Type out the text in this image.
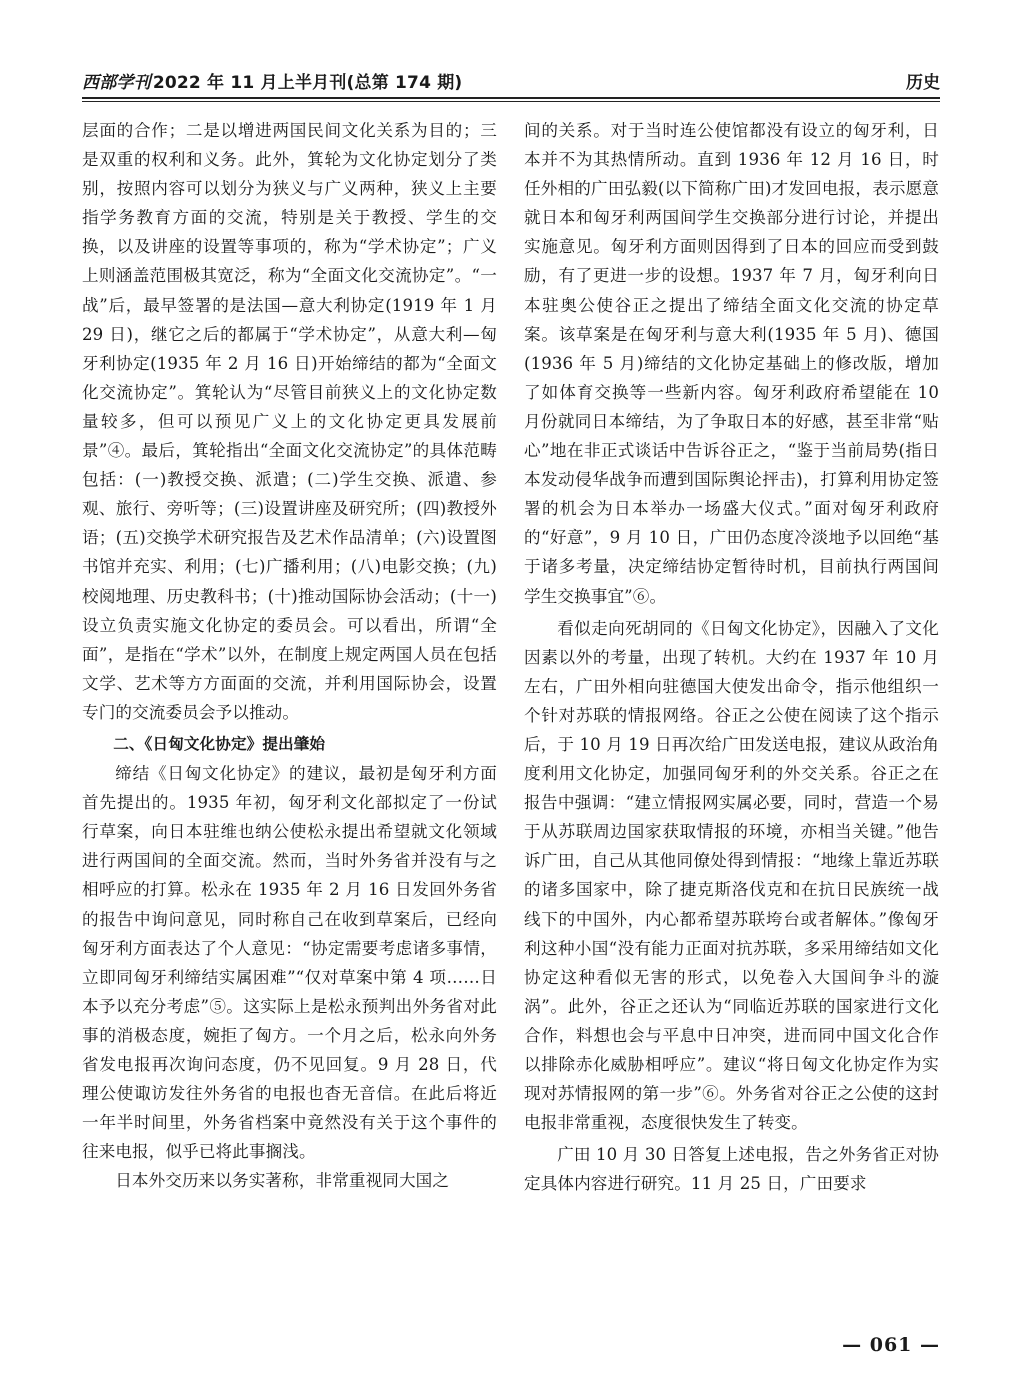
西部学刊 2022 年 11 月上半月刊(总第 174 期)	历史

层面的合作；二是以增进两国民间文化关系为目的；三是双重的权利和义务。此外，箕轮为文化协定划分了类别，按照内容可以划分为狭义与广义两种，狭义上主要指学务教育方面的交流，特别是关于教授、学生的交换，以及讲座的设置等事项的，称为“学术协定”；广义上则涵盖范围极其宽泛，称为“全面文化交流协定”。“一战”后，最早签署的是法国—意大利协定(1919 年 1 月 29 日)，继它之后的都属于“学术协定”，从意大利—匈牙利协定(1935 年 2 月 16 日)开始缔结的都为“全面文化交流协定”。箕轮认为“尽管目前狭义上的文化协定数量较多，但可以预见广义上的文化协定更具发展前景”④。最后，箕轮指出“全面文化交流协定”的具体范畴包括：(一)教授交换、派遣；(二)学生交换、派遣、参观、旅行、旁听等；(三)设置讲座及研究所；(四)教授外语；(五)交换学术研究报告及艺术作品清单；(六)设置图书馆并充实、利用；(七)广播利用；(八)电影交换；(九)校阅地理、历史教科书；(十)推动国际协会活动；(十一)设立负责实施文化协定的委员会。可以看出，所谓“全面”，是指在“学术”以外，在制度上规定两国人员在包括文学、艺术等方方面面的交流，并利用国际协会，设置专门的交流委员会予以推动。

二、《日匈文化协定》提出肇始

缔结《日匈文化协定》的建议，最初是匈牙利方面首先提出的。1935 年初，匈牙利文化部拟定了一份试行草案，向日本驻维也纳公使松永提出希望就文化领域进行两国间的全面交流。然而，当时外务省并没有与之相呼应的打算。松永在 1935 年 2 月 16 日发回外务省的报告中询问意见，同时称自己在收到草案后，已经向匈牙利方面表达了个人意见：“协定需要考虑诸多事情，立即同匈牙利缔结实属困难”“仅对草案中第 4 项……日本予以充分考虑”⑤。这实际上是松永预判出外务省对此事的消极态度，婉拒了匈方。一个月之后，松永向外务省发电报再次询问态度，仍不见回复。9 月 28 日，代理公使诹访发往外务省的电报也杳无音信。在此后将近一年半时间里，外务省档案中竟然没有关于这个事件的往来电报，似乎已将此事搁浅。

日本外交历来以务实著称，非常重视同大国之

间的关系。对于当时连公使馆都没有设立的匈牙利，日本并不为其热情所动。直到 1936 年 12 月 16 日，时任外相的广田弘毅(以下简称广田)才发回电报，表示愿意就日本和匈牙利两国间学生交换部分进行讨论，并提出实施意见。匈牙利方面则因得到了日本的回应而受到鼓励，有了更进一步的设想。1937 年 7 月，匈牙利向日本驻奥公使谷正之提出了缔结全面文化交流的协定草案。该草案是在匈牙利与意大利(1935 年 5 月)、德国(1936 年 5 月)缔结的文化协定基础上的修改版，增加了如体育交换等一些新内容。匈牙利政府希望能在 10 月份就同日本缔结，为了争取日本的好感，甚至非常“贴心”地在非正式谈话中告诉谷正之，“鉴于当前局势(指日本发动侵华战争而遭到国际舆论抨击)，打算利用协定签署的机会为日本举办一场盛大仪式。”面对匈牙利政府的“好意”，9 月 10 日，广田仍态度冷淡地予以回绝“基于诸多考量，决定缔结协定暂待时机，目前执行两国间学生交换事宜”⑥。

看似走向死胡同的《日匈文化协定》，因融入了文化因素以外的考量，出现了转机。大约在 1937 年 10 月左右，广田外相向驻德国大使发出命令，指示他组织一个针对苏联的情报网络。谷正之公使在阅读了这个指示后，于 10 月 19 日再次给广田发送电报，建议从政治角度利用文化协定，加强同匈牙利的外交关系。谷正之在报告中强调：“建立情报网实属必要，同时，营造一个易于从苏联周边国家获取情报的环境，亦相当关键。”他告诉广田，自己从其他同僚处得到情报：“地缘上靠近苏联的诸多国家中，除了捷克斯洛伐克和在抗日民族统一战线下的中国外，内心都希望苏联垮台或者解体。”像匈牙利这种小国“没有能力正面对抗苏联，多采用缔结如文化协定这种看似无害的形式，以免卷入大国间争斗的漩涡”。此外，谷正之还认为“同临近苏联的国家进行文化合作，料想也会与平息中日冲突，进而同中国文化合作以排除赤化威胁相呼应”。建议“将日匈文化协定作为实现对苏情报网的第一步”⑥。外务省对谷正之公使的这封电报非常重视，态度很快发生了转变。

广田 10 月 30 日答复上述电报，告之外务省正对协定具体内容进行研究。11 月 25 日，广田要求

— 061 —
